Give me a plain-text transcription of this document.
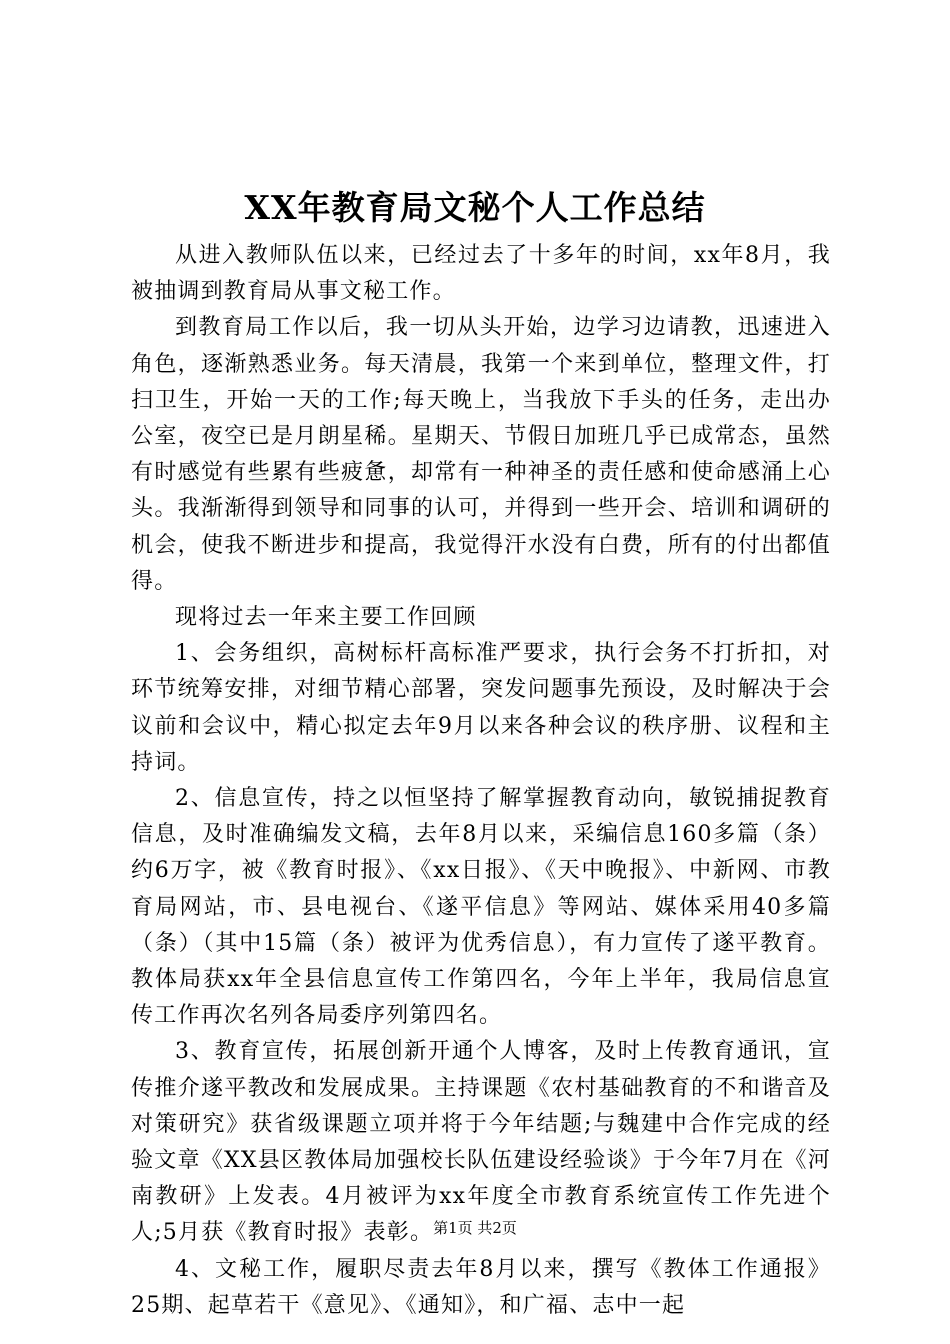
XX年教育局文秘个人工作总结

从进入教师队伍以来，已经过去了十多年的时间，xx年8月，我被抽调到教育局从事文秘工作。

到教育局工作以后，我一切从头开始，边学习边请教，迅速进入角色，逐渐熟悉业务。每天清晨，我第一个来到单位，整理文件，打扫卫生，开始一天的工作;每天晚上，当我放下手头的任务，走出办公室，夜空已是月朗星稀。星期天、节假日加班几乎已成常态，虽然有时感觉有些累有些疲惫，却常有一种神圣的责任感和使命感涌上心头。我渐渐得到领导和同事的认可，并得到一些开会、培训和调研的机会，使我不断进步和提高，我觉得汗水没有白费，所有的付出都值得。

现将过去一年来主要工作回顾

1、会务组织，高树标杆高标准严要求，执行会务不打折扣，对环节统筹安排，对细节精心部署，突发问题事先预设，及时解决于会议前和会议中，精心拟定去年9月以来各种会议的秩序册、议程和主持词。

2、信息宣传，持之以恒坚持了解掌握教育动向，敏锐捕捉教育信息，及时准确编发文稿，去年8月以来，采编信息160多篇（条）约6万字，被《教育时报》、《xx日报》、《天中晚报》、中新网、市教育局网站，市、县电视台、《遂平信息》等网站、媒体采用40多篇（条）（其中15篇（条）被评为优秀信息），有力宣传了遂平教育。教体局获xx年全县信息宣传工作第四名，今年上半年，我局信息宣传工作再次名列各局委序列第四名。

3、教育宣传，拓展创新开通个人博客，及时上传教育通讯，宣传推介遂平教改和发展成果。主持课题《农村基础教育的不和谐音及对策研究》获省级课题立项并将于今年结题;与魏建中合作完成的经验文章《XX县区教体局加强校长队伍建设经验谈》于今年7月在《河南教研》上发表。4月被评为xx年度全市教育系统宣传工作先进个人;5月获《教育时报》表彰。

4、文秘工作，履职尽责去年8月以来，撰写《教体工作通报》25期、起草若干《意见》、《通知》，和广福、志中一起

第1页 共2页
